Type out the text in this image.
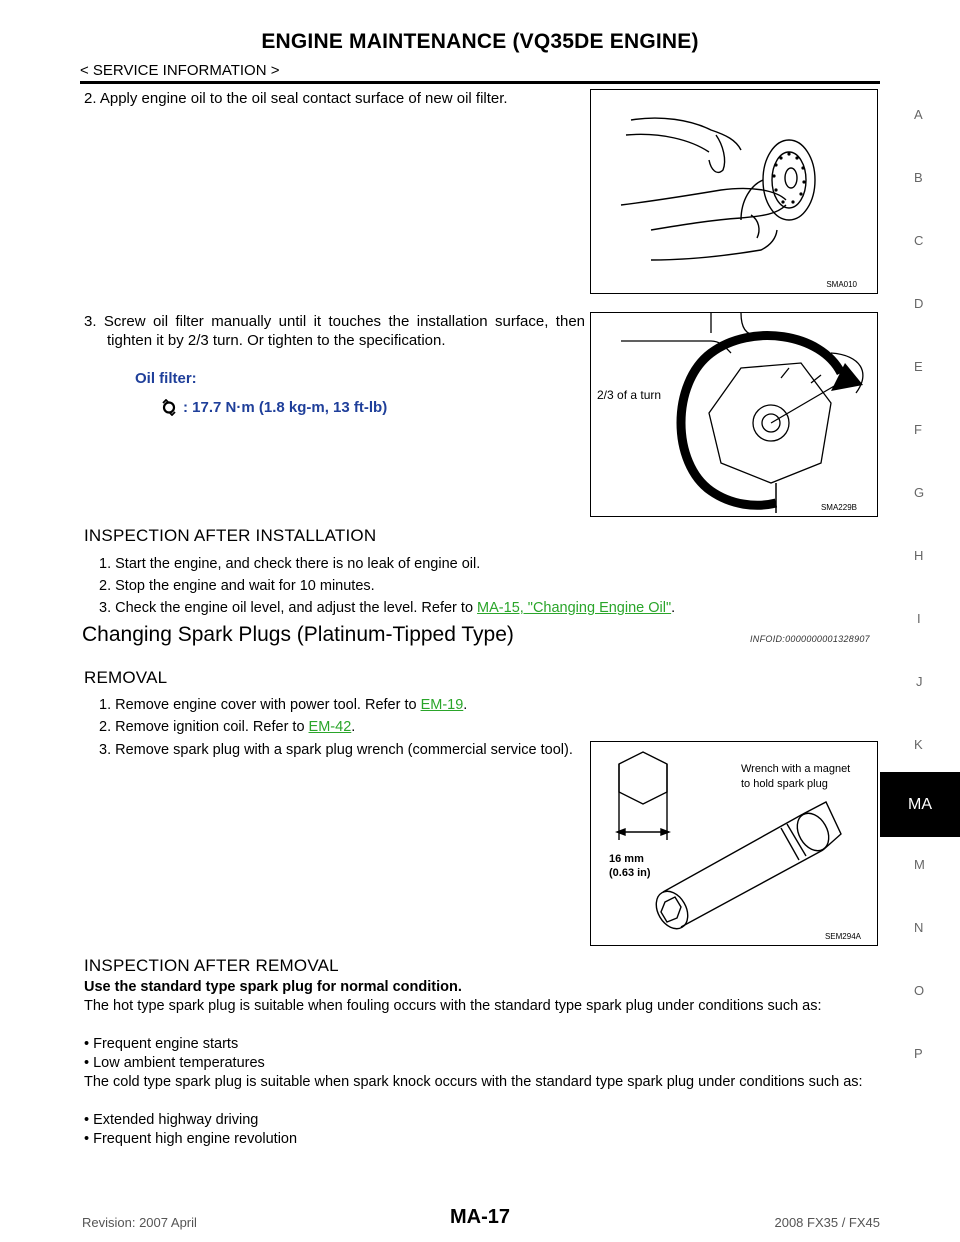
ENGINE MAINTENANCE (VQ35DE ENGINE)
< SERVICE INFORMATION >
A
B
C
D
E
F
G
H
I
J
K
MA
M
N
O
P
2. Apply engine oil to the oil seal contact surface of new oil filter.
SMA010
3. Screw oil filter manually until it touches the installation surface, then tighten it by 2/3 turn. Or tighten to the specification.
Oil filter:
: 17.7 N·m (1.8 kg-m, 13 ft-lb)
2/3 of a turn
SMA229B
INSPECTION AFTER INSTALLATION
1. Start the engine, and check there is no leak of engine oil.
2. Stop the engine and wait for 10 minutes.
3. Check the engine oil level, and adjust the level. Refer to MA-15, "Changing Engine Oil".
Changing Spark Plugs (Platinum-Tipped Type)	INFOID:0000000001328907
REMOVAL
1. Remove engine cover with power tool. Refer to EM-19.
2. Remove ignition coil. Refer to EM-42.
3. Remove spark plug with a spark plug wrench (commercial service tool).
Wrench with a magnet
to hold spark plug
16 mm
(0.63 in)
SEM294A
INSPECTION AFTER REMOVAL
Use the standard type spark plug for normal condition.
The hot type spark plug is suitable when fouling occurs with the standard type spark plug under conditions such as:
• Frequent engine starts
• Low ambient temperatures
The cold type spark plug is suitable when spark knock occurs with the standard type spark plug under conditions such as:
• Extended highway driving
• Frequent high engine revolution
Revision: 2007 April	MA-17	2008 FX35 / FX45
